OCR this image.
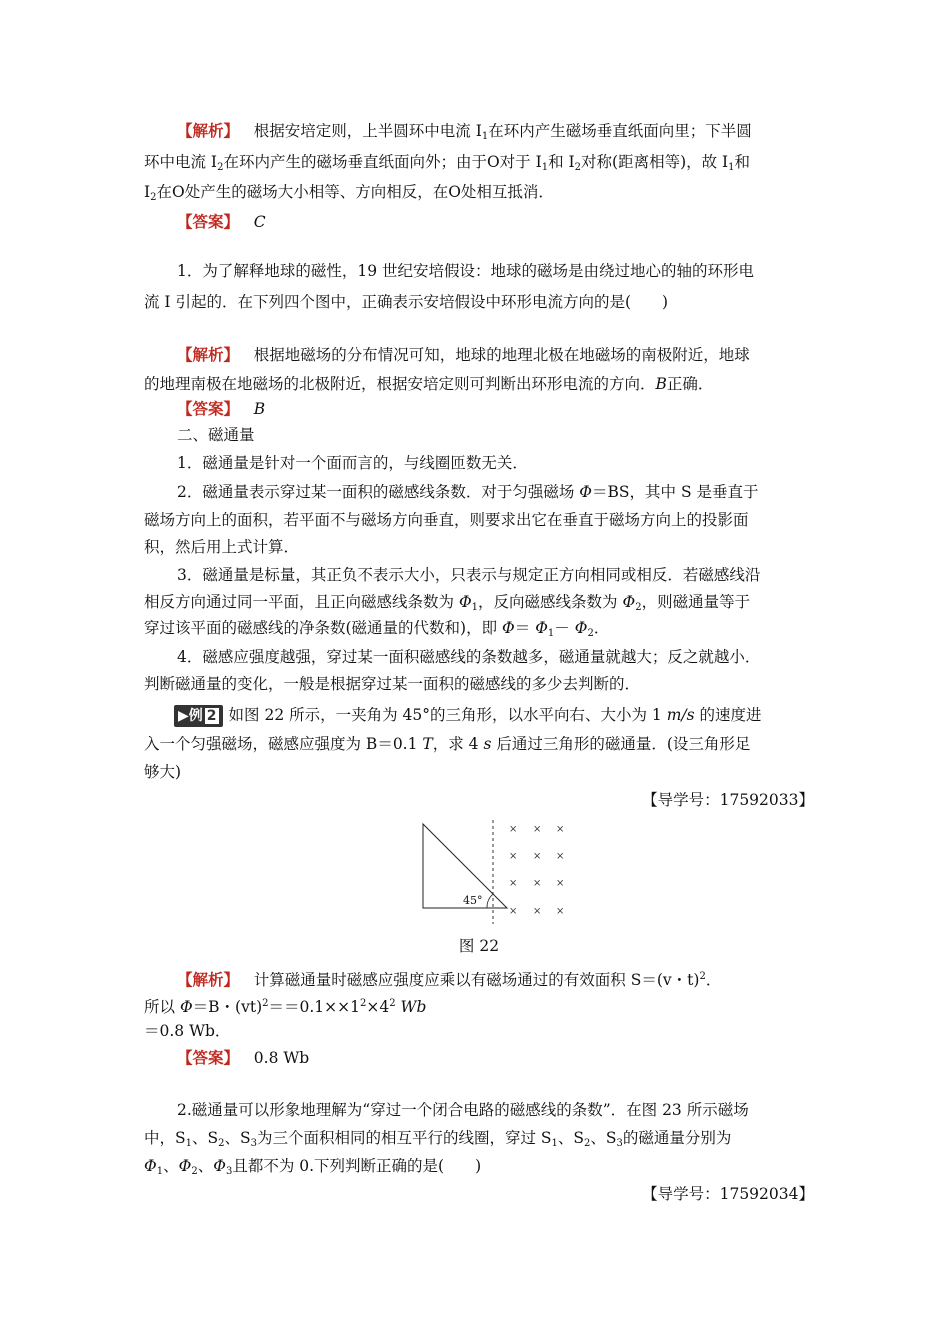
【解析】 根据安培定则，上半圆环中电流 $I_1$在环内产生磁场垂直纸面向里；下半圆
环中电流 $I_2$在环内产生的磁场垂直纸面向外；由于O对于 $I_1$和 $I_2$对称(距离相等)，故 $I_1$和
$I_2$在O处产生的磁场大小相等、方向相反，在O处相互抵消．
【答案】 C
1．为了解释地球的磁性，19 世纪安培假设：地球的磁场是由绕过地心的轴的环形电
流 I 引起的．在下列四个图中，正确表示安培假设中环形电流方向的是(　　)
【解析】 根据地磁场的分布情况可知，地球的地理北极在地磁场的南极附近，地球
的地理南极在地磁场的北极附近，根据安培定则可判断出环形电流的方向．B正确．
【答案】 B
二、磁通量
1．磁通量是针对一个面而言的，与线圈匝数无关．
2．磁通量表示穿过某一面积的磁感线条数．对于匀强磁场 Φ＝BS，其中 S 是垂直于
磁场方向上的面积，若平面不与磁场方向垂直，则要求出它在垂直于磁场方向上的投影面
积，然后用上式计算．
3．磁通量是标量，其正负不表示大小，只表示与规定正方向相同或相反．若磁感线沿
相反方向通过同一平面，且正向磁感线条数为 $\Phi_1$，反向磁感线条数为 $\Phi_2$，则磁通量等于
穿过该平面的磁感线的净条数(磁通量的代数和)，即 $\Phi= \Phi_1- \Phi_2$．
4．磁感应强度越强，穿过某一面积磁感线的条数越多，磁通量就越大；反之就越小．
判断磁通量的变化，一般是根据穿过某一面积的磁感线的多少去判断的．
▶例 2 如图 22 所示，一夹角为 45°的三角形，以水平向右、大小为 1 m/s 的速度进
入一个匀强磁场，磁感应强度为 B＝0.1 T，求 4 s 后通过三角形的磁通量．(设三角形足
够大)
【导学号：17592033】
45°
× × ×
× × ×
× × ×
× × ×
图 22
【解析】 计算磁通量时磁感应强度应乘以有磁场通过的有效面积 S＝(v・t)$^2$．
所以 Φ＝B・$(vt)^2==0.1\times\times 1^2\times 4^2$ Wb
＝0.8 Wb．
【答案】 0.8 Wb
2.磁通量可以形象地理解为“穿过一个闭合电路的磁感线的条数”．在图 23 所示磁场
中，$S_1$、$S_2$、$S_3$为三个面积相同的相互平行的线圈，穿过 $S_1$、$S_2$、$S_3$的磁通量分别为
$\Phi_1$、$\Phi_2$、$\Phi_3$且都不为 0.下列判断正确的是(　　)
【导学号：17592034】
